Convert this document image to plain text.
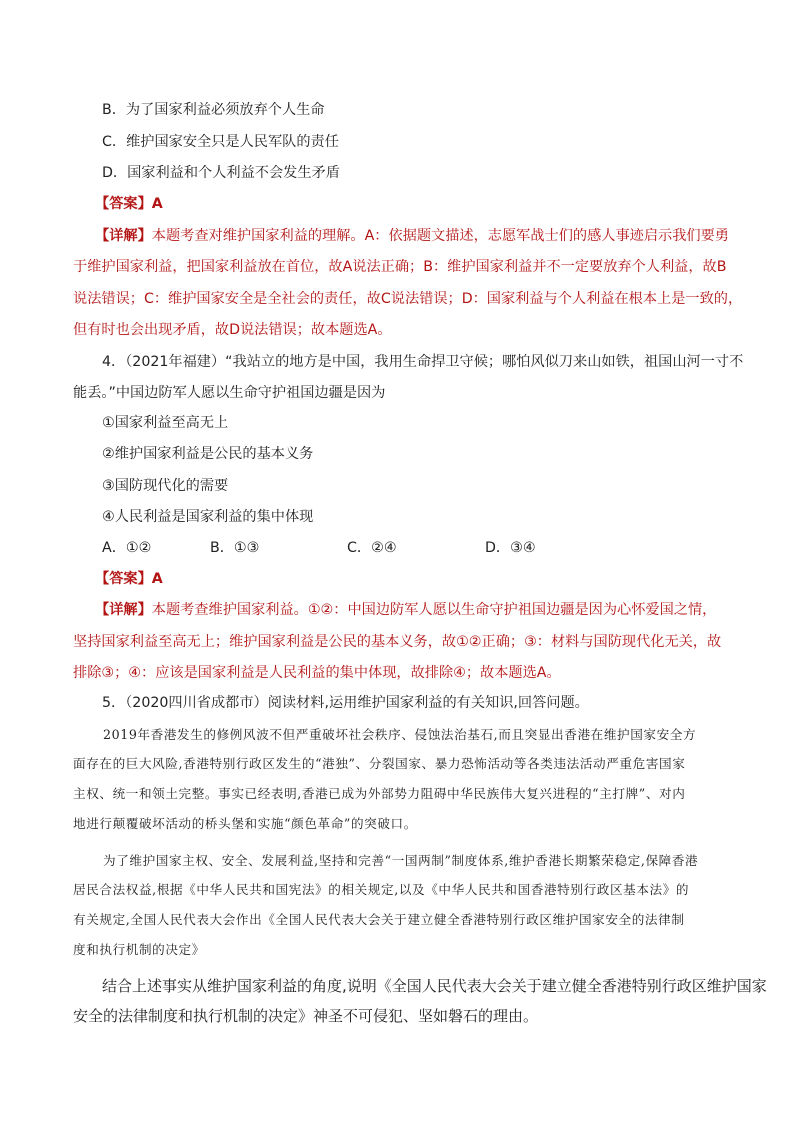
B．为了国家利益必须放弃个人生命
C．维护国家安全只是人民军队的责任
D．国家利益和个人利益不会发生矛盾
【答案】A
【详解】本题考查对维护国家利益的理解。A：依据题文描述，志愿军战士们的感人事迹启示我们要勇
于维护国家利益，把国家利益放在首位，故A说法正确；B：维护国家利益并不一定要放弃个人利益，故B
说法错误；C：维护国家安全是全社会的责任，故C说法错误；D：国家利益与个人利益在根本上是一致的，
但有时也会出现矛盾，故D说法错误；故本题选A。
4．（2021年福建）“我站立的地方是中国，我用生命捍卫守候；哪怕风似刀来山如铁，祖国山河一寸不
能丢。”中国边防军人愿以生命守护祖国边疆是因为
①国家利益至高无上
②维护国家利益是公民的基本义务
③国防现代化的需要
④人民利益是国家利益的集中体现
A．①②	B．①③	C．②④	D．③④
【答案】A
【详解】本题考查维护国家利益。①②：中国边防军人愿以生命守护祖国边疆是因为心怀爱国之情，
坚持国家利益至高无上；维护国家利益是公民的基本义务，故①②正确；③：材料与国防现代化无关，故
排除③；④：应该是国家利益是人民利益的集中体现，故排除④；故本题选A。
5．（2020四川省成都市）阅读材料,运用维护国家利益的有关知识,回答问题。
2019年香港发生的修例风波不但严重破坏社会秩序、侵蚀法治基石,而且突显出香港在维护国家安全方
面存在的巨大风险,香港特别行政区发生的“港独”、分裂国家、暴力恐怖活动等各类违法活动严重危害国家
主权、统一和领土完整。事实已经表明,香港已成为外部势力阻碍中华民族伟大复兴进程的“主打牌”、对内
地进行颠覆破坏活动的桥头堡和实施“颜色革命”的突破口。
为了维护国家主权、安全、发展利益,坚持和完善“一国两制”制度体系,维护香港长期繁荣稳定,保障香港
居民合法权益,根据《中华人民共和国宪法》的相关规定,以及《中华人民共和国香港特别行政区基本法》的
有关规定,全国人民代表大会作出《全国人民代表大会关于建立健全香港特别行政区维护国家安全的法律制
度和执行机制的决定》
结合上述事实从维护国家利益的角度,说明《全国人民代表大会关于建立健全香港特别行政区维护国家
安全的法律制度和执行机制的决定》神圣不可侵犯、坚如磐石的理由。
